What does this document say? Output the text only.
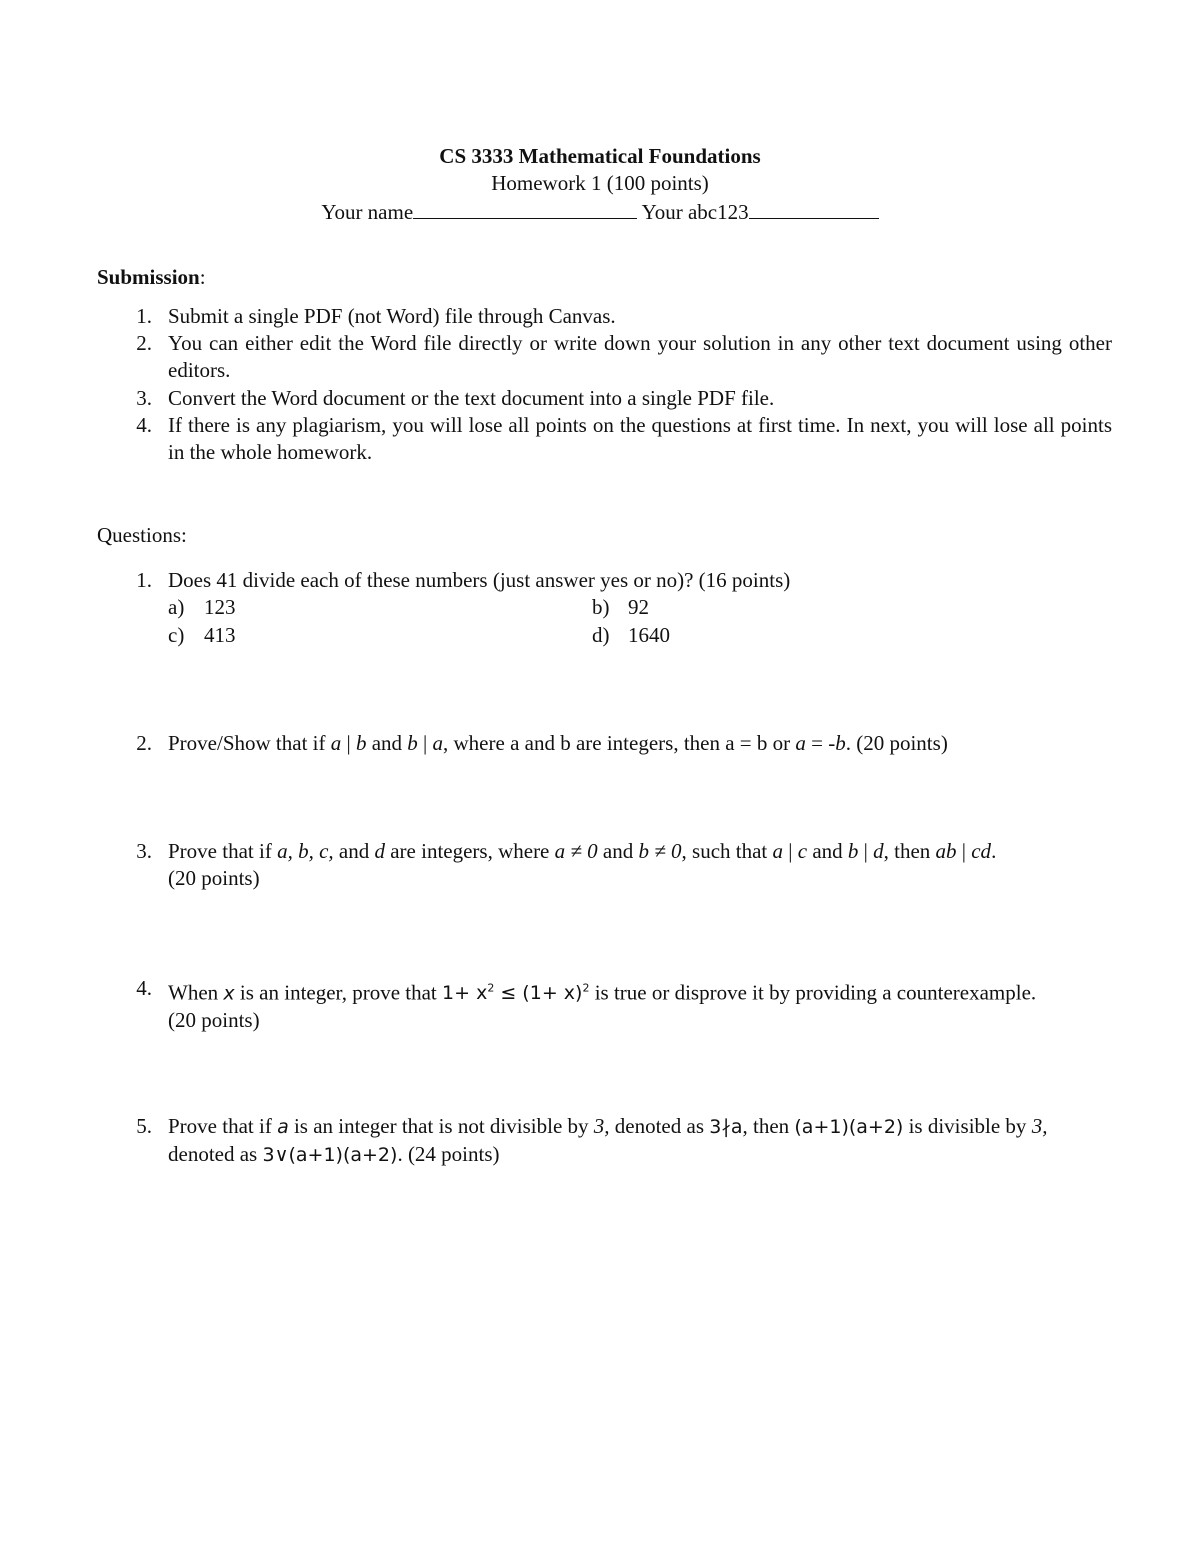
CS 3333 Mathematical Foundations
Homework 1 (100 points)
Your name	Your abc123
Submission:
1. Submit a single PDF (not Word) file through Canvas.
2. You can either edit the Word file directly or write down your solution in any other text document using other editors.
3. Convert the Word document or the text document into a single PDF file.
4. If there is any plagiarism, you will lose all points on the questions at first time. In next, you will lose all points in the whole homework.
Questions:
1. Does 41 divide each of these numbers (just answer yes or no)? (16 points)
a) 123	b) 92
c) 413	d) 1640
2. Prove/Show that if a | b and b | a, where a and b are integers, then a = b or a = -b. (20 points)
3. Prove that if a, b, c, and d are integers, where a ≠ 0 and b ≠ 0, such that a | c and b | d, then ab | cd.
(20 points)
4. When x is an integer, prove that $1+ x^2 \le (1+ x)^2$ is true or disprove it by providing a counterexample.
(20 points)
5. Prove that if a is an integer that is not divisible by 3, denoted as 3∤a, then (a+1)(a+2) is divisible by 3, denoted as 3∨(a+1)(a+2). (24 points)
